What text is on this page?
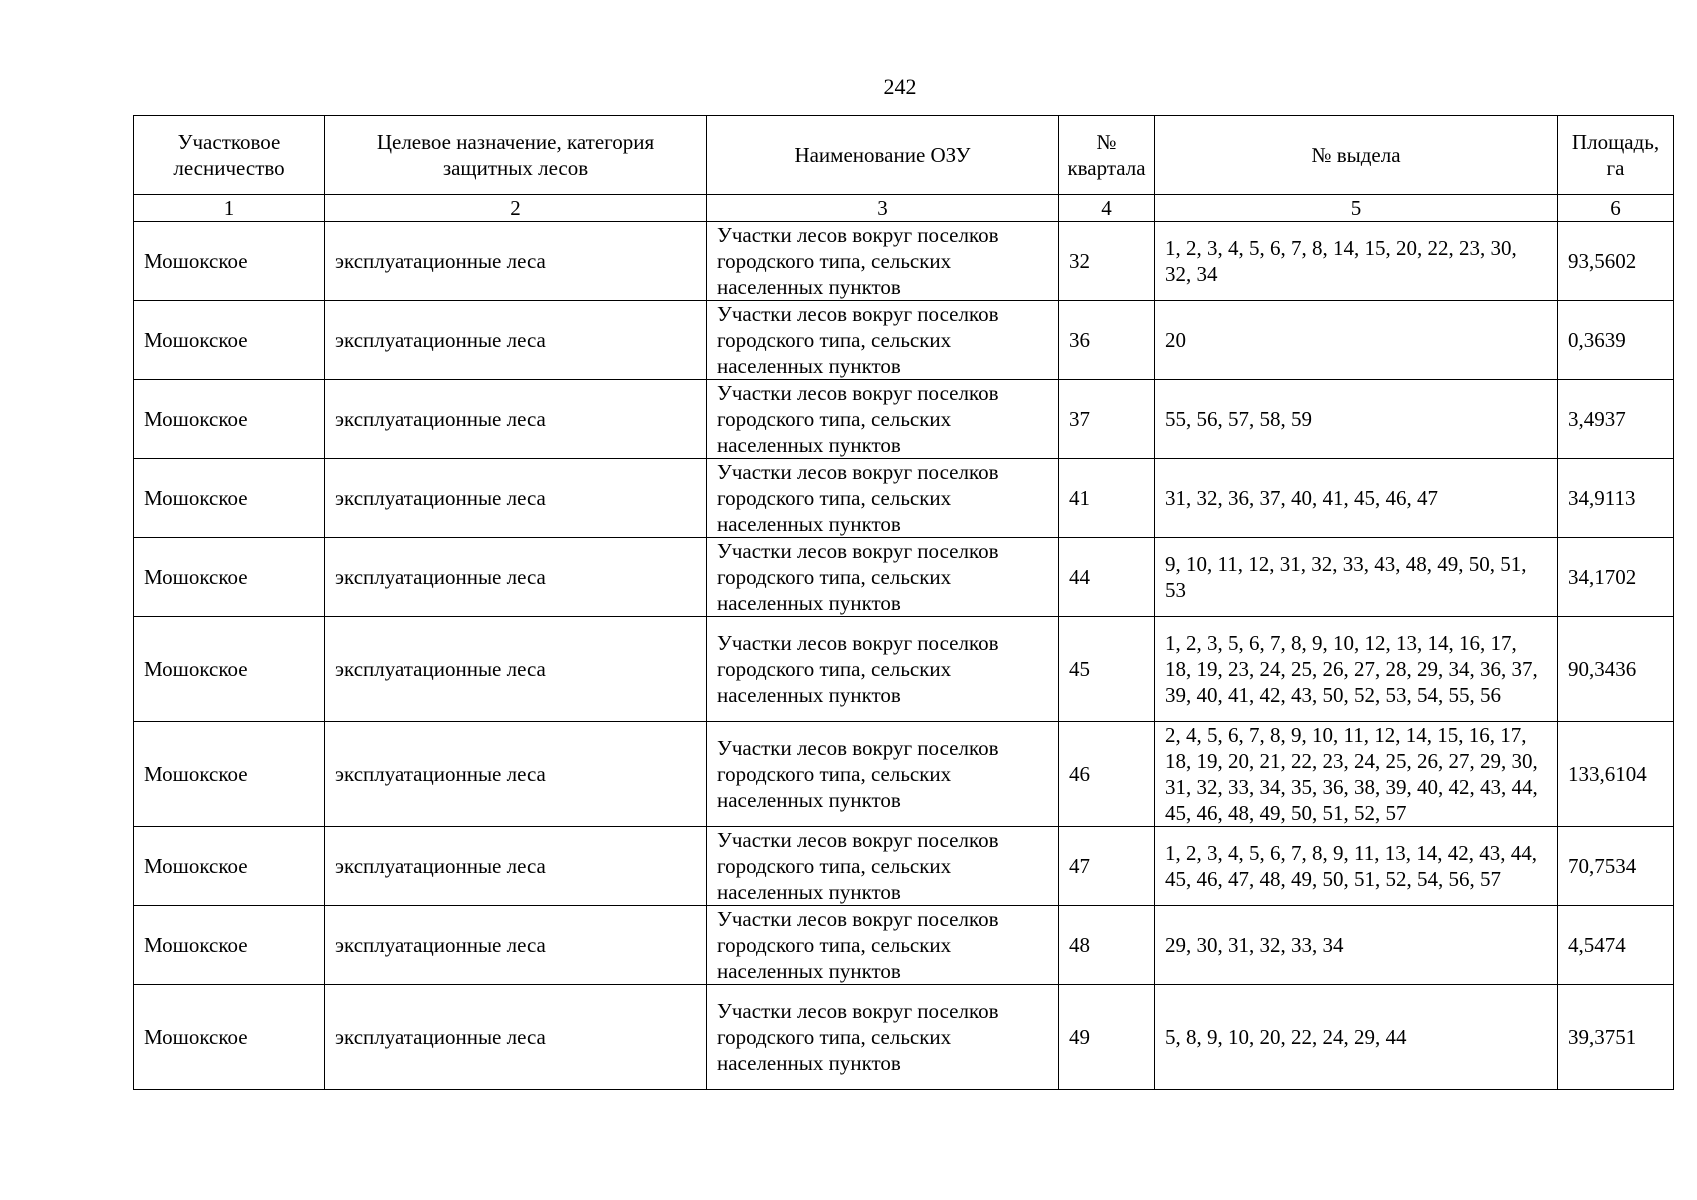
242
Участковое лесничество	Целевое назначение, категория защитных лесов	Наименование ОЗУ	№ квартала	№ выдела	Площадь, га
1	2	3	4	5	6
Мошокское	эксплуатационные леса	Участки лесов вокруг поселков городского типа, сельских населенных пунктов	32	1, 2, 3, 4, 5, 6, 7, 8, 14, 15, 20, 22, 23, 30, 32, 34	93,5602
Мошокское	эксплуатационные леса	Участки лесов вокруг поселков городского типа, сельских населенных пунктов	36	20	0,3639
Мошокское	эксплуатационные леса	Участки лесов вокруг поселков городского типа, сельских населенных пунктов	37	55, 56, 57, 58, 59	3,4937
Мошокское	эксплуатационные леса	Участки лесов вокруг поселков городского типа, сельских населенных пунктов	41	31, 32, 36, 37, 40, 41, 45, 46, 47	34,9113
Мошокское	эксплуатационные леса	Участки лесов вокруг поселков городского типа, сельских населенных пунктов	44	9, 10, 11, 12, 31, 32, 33, 43, 48, 49, 50, 51, 53	34,1702
Мошокское	эксплуатационные леса	Участки лесов вокруг поселков городского типа, сельских населенных пунктов	45	1, 2, 3, 5, 6, 7, 8, 9, 10, 12, 13, 14, 16, 17, 18, 19, 23, 24, 25, 26, 27, 28, 29, 34, 36, 37, 39, 40, 41, 42, 43, 50, 52, 53, 54, 55, 56	90,3436
Мошокское	эксплуатационные леса	Участки лесов вокруг поселков городского типа, сельских населенных пунктов	46	2, 4, 5, 6, 7, 8, 9, 10, 11, 12, 14, 15, 16, 17, 18, 19, 20, 21, 22, 23, 24, 25, 26, 27, 29, 30, 31, 32, 33, 34, 35, 36, 38, 39, 40, 42, 43, 44, 45, 46, 48, 49, 50, 51, 52, 57	133,6104
Мошокское	эксплуатационные леса	Участки лесов вокруг поселков городского типа, сельских населенных пунктов	47	1, 2, 3, 4, 5, 6, 7, 8, 9, 11, 13, 14, 42, 43, 44, 45, 46, 47, 48, 49, 50, 51, 52, 54, 56, 57	70,7534
Мошокское	эксплуатационные леса	Участки лесов вокруг поселков городского типа, сельских населенных пунктов	48	29, 30, 31, 32, 33, 34	4,5474
Мошокское	эксплуатационные леса	Участки лесов вокруг поселков городского типа, сельских населенных пунктов	49	5, 8, 9, 10, 20, 22, 24, 29, 44	39,3751
